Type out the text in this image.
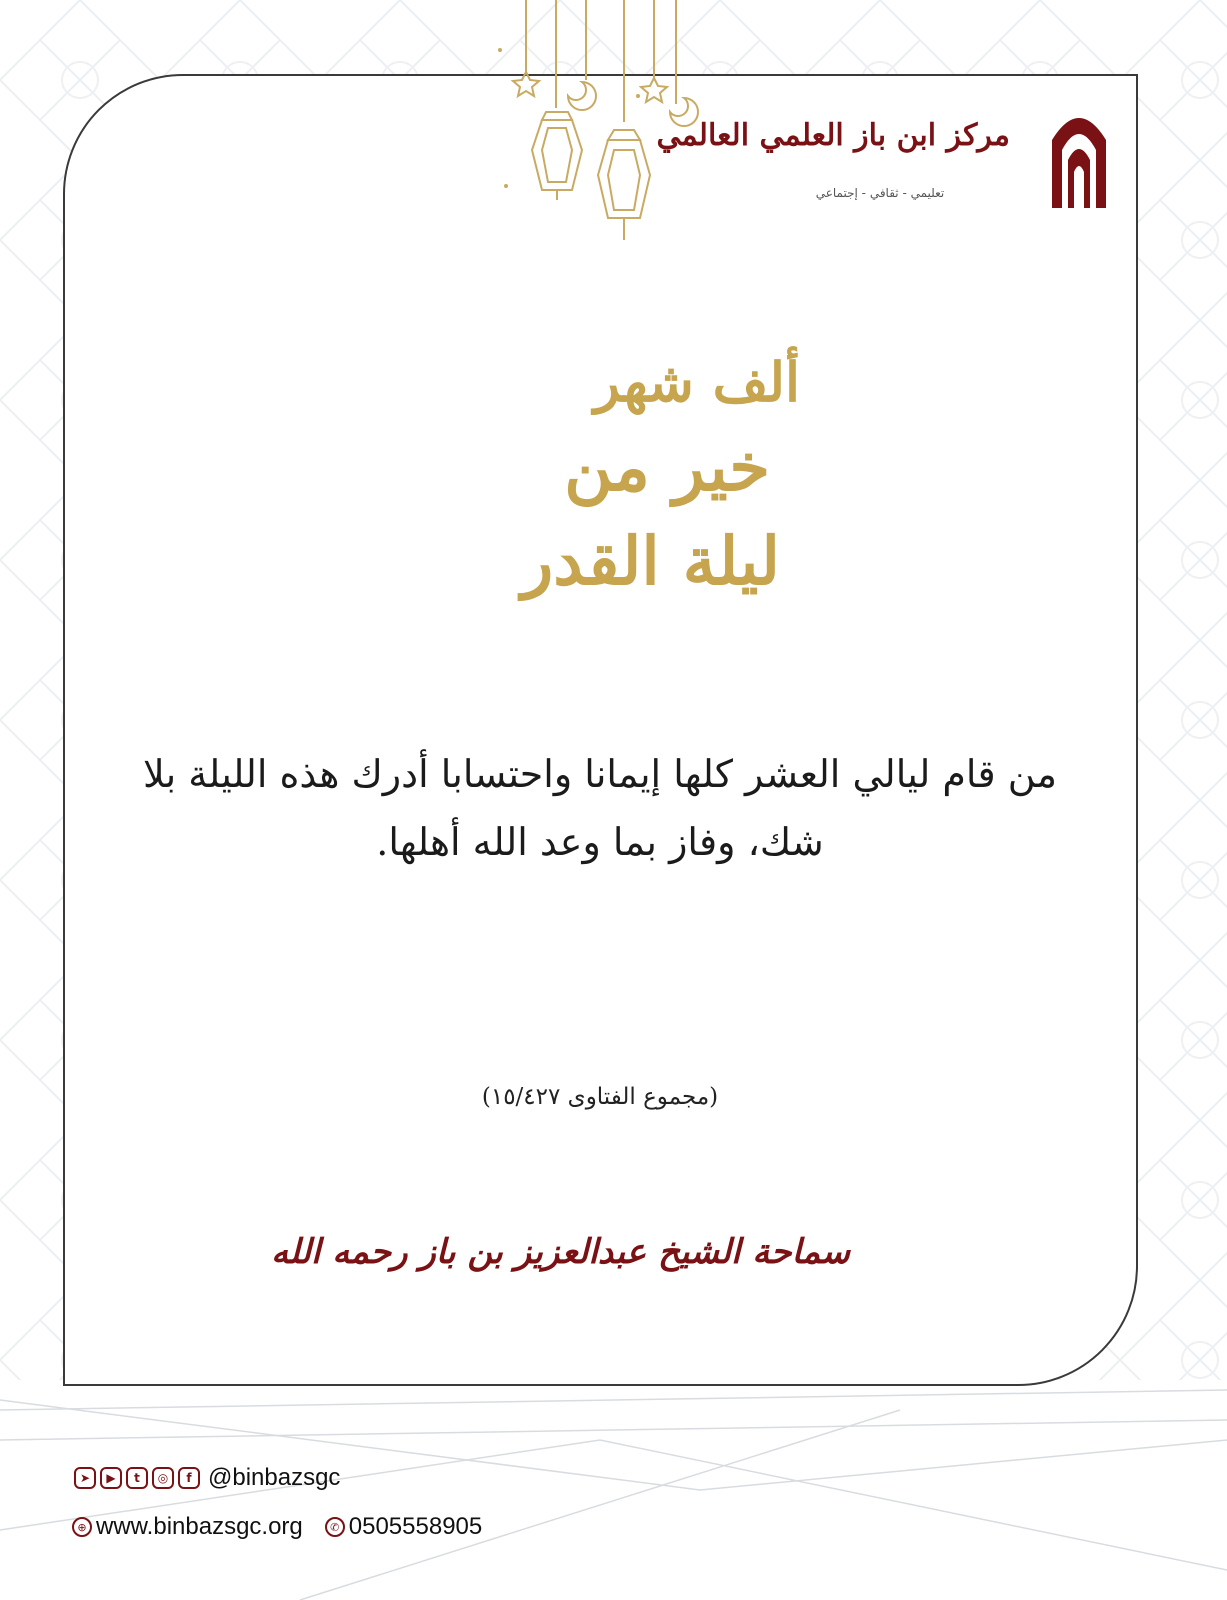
مركز ابن باز العلمي العالمي
تعليمي - ثقافي - إجتماعي
ألف شهر
خير من
ليلة القدر
من قام ليالي العشر كلها إيمانا واحتسابا أدرك هذه الليلة بلا شك، وفاز بما وعد الله أهلها.
(مجموع الفتاوى ١٥/٤٢٧)
سماحة الشيخ عبدالعزيز بن باز رحمه الله
➤	▶	t	◎	f @binbazsgc
⊕ www.binbazsgc.org	✆ 0505558905
